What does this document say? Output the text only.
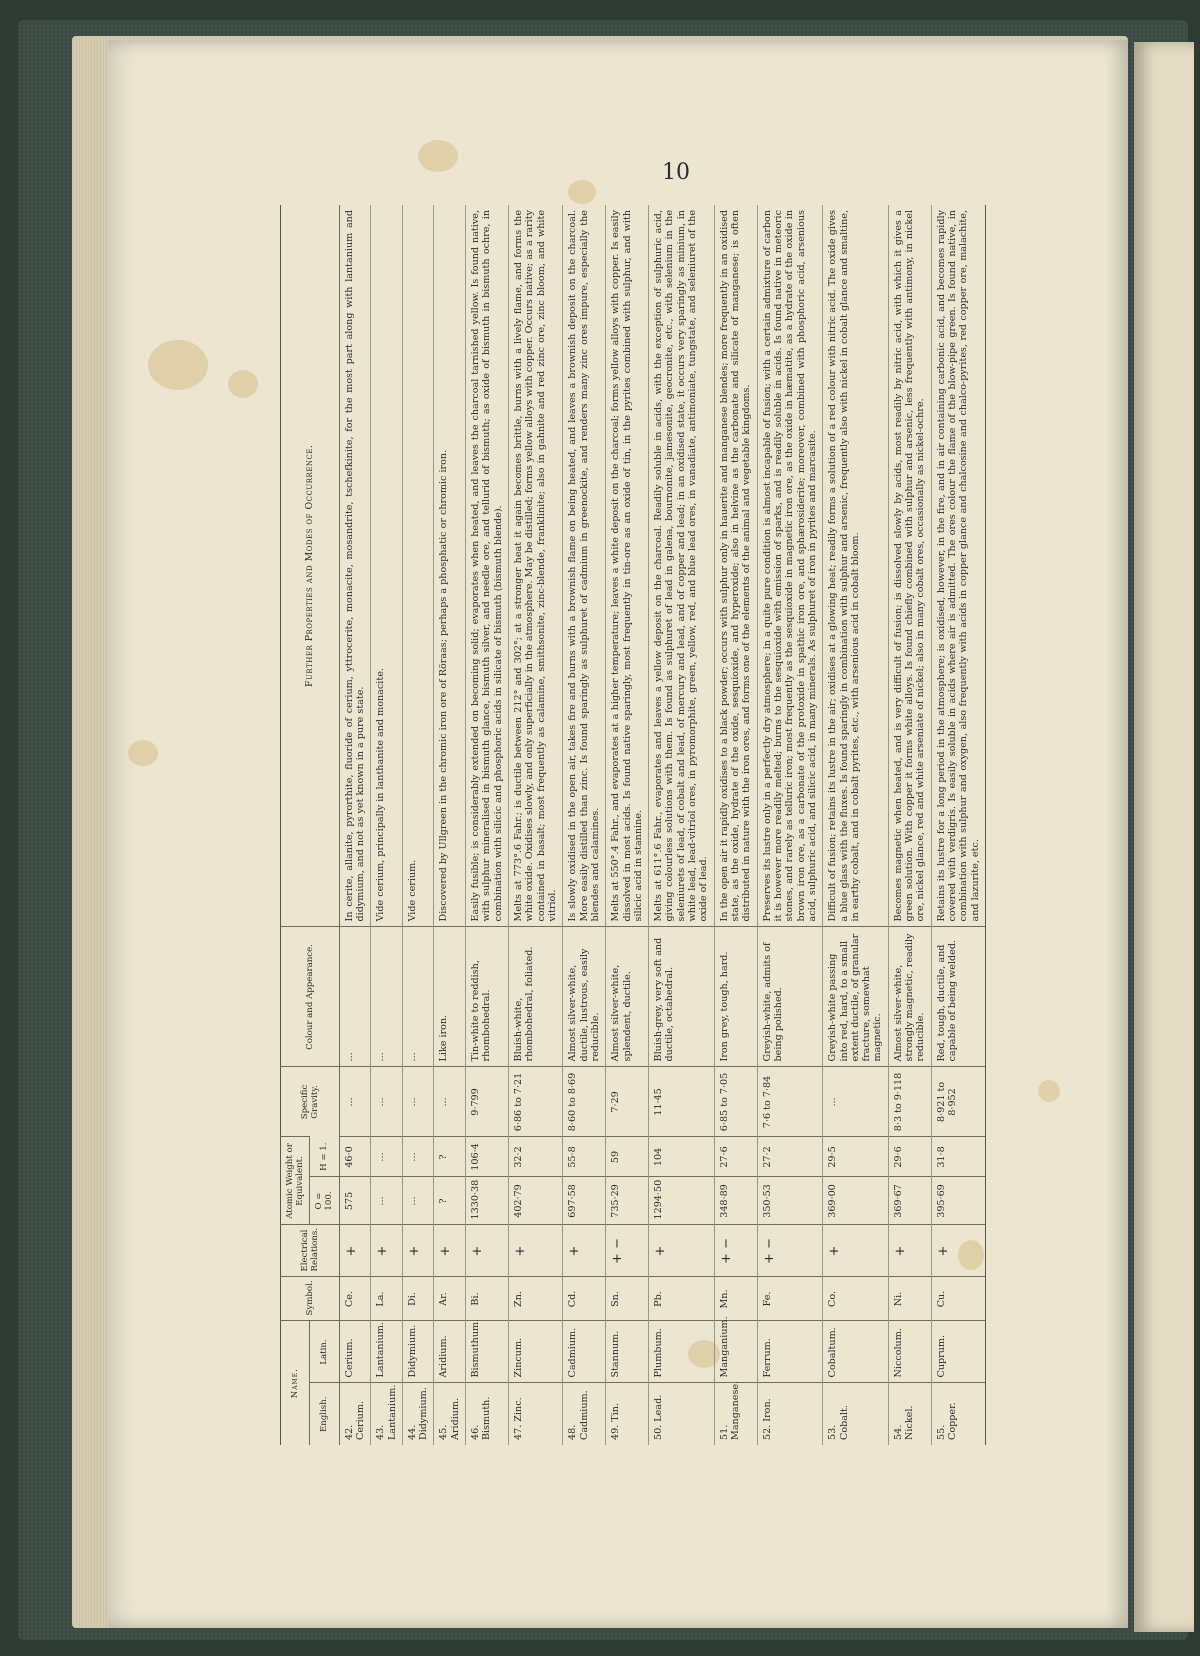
10
Name.		Symbol.	Electrical Relations.	Atomic Weight or Equivalent.		Specific Gravity.	Colour and Appearance.	Further Properties and Modes of Occurrence.
English.	Latin.			O = 100.	H = 1.			
42. Cerium.	Cerium.	Ce.	+	575	46·0	...	...	In cerite, allanite, pyrorthite, fluoride of cerium, yttrocerite, monacite, mosandrite, tschefkinite, for the most part along with lantanium and didymium, and not as yet known in a pure state.
43. Lantanium.	Lantanium.	La.	+	...	...	...	...	Vide cerium, principally in lanthanite and monacite.
44. Didymium.	Didymium.	Di.	+	...	...	...	...	Vide cerium.
45. Aridium.	Aridium.	Ar.	+	?	?	...	Like iron.	Discovered by Ullgreen in the chromic iron ore of Röraas; perhaps a phosphatic or chromic iron.
46. Bismuth.	Bismuthum.	Bi.	+	1330·38	106·4	9·799	Tin-white to reddish, rhombohedral.	Easily fusible; is considerably extended on becoming solid; evaporates when heated, and leaves the charcoal tarnished yellow. Is found native, with sulphur mineralised in bismuth glance, bismuth silver, and needle ore, and tellurid of bismuth; as oxide of bismuth in bismuth ochre, in combination with silicic and phosphoric acids in silicate of bismuth (bismuth blende).
47. Zinc.	Zincum.	Zn.	+	402·79	32·2	6·86 to 7·21	Bluish-white, rhombohedral, foliated.	Melts at 773°.6 Fahr.; is ductile between 212° and 302°; at a stronger heat it again becomes brittle, burns with a lively flame, and forms the white oxide. Oxidises slowly, and only superficially in the atmosphere. May be distilled; forms yellow alloys with copper. Occurs native; as a rarity contained in basalt; most frequently as calamine, smithsonite, zinc-blende, franklinite; also in gahnite and red zinc ore, zinc bloom, and white vitriol.
48. Cadmium.	Cadmium.	Cd.	+	697·58	55·8	8·60 to 8·69	Almost silver-white, ductile, lustrous, easily reducible.	Is slowly oxidised in the open air, takes fire and burns with a brownish flame on being heated, and leaves a brownish deposit on the charcoal. More easily distilled than zinc. Is found sparingly as sulphuret of cadmium in greenockite, and renders many zinc ores impure, especially the blendes and calamines.
49. Tin.	Stannum.	Sn.	+ −	735·29	59	7·29	Almost silver-white, splendent, ductile.	Melts at 550°.4 Fahr., and evaporates at a higher temperature; leaves a white deposit on the charcoal; forms yellow alloys with copper. Is easily dissolved in most acids. Is found native sparingly, most frequently in tin-ore as an oxide of tin, in the pyrites combined with sulphur, and with silicic acid in stannine.
50. Lead.	Plumbum.	Pb.	+	1294·50	104	11·45	Bluish-grey, very soft and ductile, octahedral.	Melts at 611°.6 Fahr., evaporates and leaves a yellow deposit on the charcoal. Readily soluble in acids, with the exception of sulphuric acid, giving colourless solutions with them. Is found as sulphuret of lead in galena, bournonite, jamesonite, geocronite, etc., with selenium in the seleniurets of lead, of cobalt and lead, of mercury and lead, and of copper and lead; in an oxidised state, it occurs very sparingly as minium, in white lead, lead-vitriol ores, in pyromorphite, green, yellow, red, and blue lead ores, in vanadiate, antimoniate, tungstate, and seleniuret of the oxide of lead.
51. Manganese.	Manganium.	Mn.	+ −	348·89	27·6	6·85 to 7·05	Iron grey, tough, hard.	In the open air it rapidly oxidises to a black powder; occurs with sulphur only in hauerite and manganese blendes; more frequently in an oxidised state, as the oxide, hydrate of the oxide, sesquioxide, and hyperoxide; also in helvine as the carbonate and silicate of manganese; is often distributed in nature with the iron ores, and forms one of the elements of the animal and vegetable kingdoms.
52. Iron.	Ferrum.	Fe.	+ −	350·53	27·2	7·6 to 7·84	Greyish-white, admits of being polished.	Preserves its lustre only in a perfectly dry atmosphere; in a quite pure condition is almost incapable of fusion; with a certain admixture of carbon it is however more readily melted; burns to the sesquioxide with emission of sparks, and is readily soluble in acids. Is found native in meteoric stones, and rarely as telluric iron; most frequently as the sesquioxide in magnetic iron ore, as the oxide in hæmatite, as a hydrate of the oxide in brown iron ore, as a carbonate of the protoxide in spathic iron ore, and sphærosiderite; moreover, combined with phosphoric acid, arsenious acid, sulphuric acid, and silicic acid, in many minerals. As sulphuret of iron in pyrites and marcasite.
53. Cobalt.	Cobaltum.	Co.	+	369·00	29·5	...	Greyish-white passing into red, hard, to a small extent ductile, of granular fracture, somewhat magnetic.	Difficult of fusion; retains its lustre in the air; oxidises at a glowing heat; readily forms a solution of a red colour with nitric acid. The oxide gives a blue glass with the fluxes. Is found sparingly in combination with sulphur and arsenic, frequently also with nickel in cobalt glance and smaltine, in earthy cobalt, and in cobalt pyrites, etc., with arsenious acid in cobalt bloom.
54. Nickel.	Niccolum.	Ni.	+	369·67	29·6	8·3 to 9·118	Almost silver-white, strongly magnetic, readily reducible.	Becomes magnetic when heated, and is very difficult of fusion; is dissolved slowly by acids, most readily by nitric acid, with which it gives a green solution. With copper it forms white alloys. Is found chiefly combined with sulphur and arsenic, less frequently with antimony, in nickel ore, nickel glance, red and white arseniate of nickel; also in many cobalt ores, occasionally as nickel-ochre.
55. Copper.	Cuprum.	Cu.	+	395·69	31·8	8·921 to 8·952	Red, tough, ductile, and capable of being welded.	Retains its lustre for a long period in the atmosphere; is oxidised, however, in the fire, and in air containing carbonic acid, and becomes rapidly covered with verdigris. Is easily soluble in acids where air is admitted. The ores colour the flame of the blow-pipe green. Is found native, in combination with sulphur and oxygen, also frequently with acids in copper glance and chalcosine and chalco-pyrites, red copper ore, malachite, and lazurite, etc.
